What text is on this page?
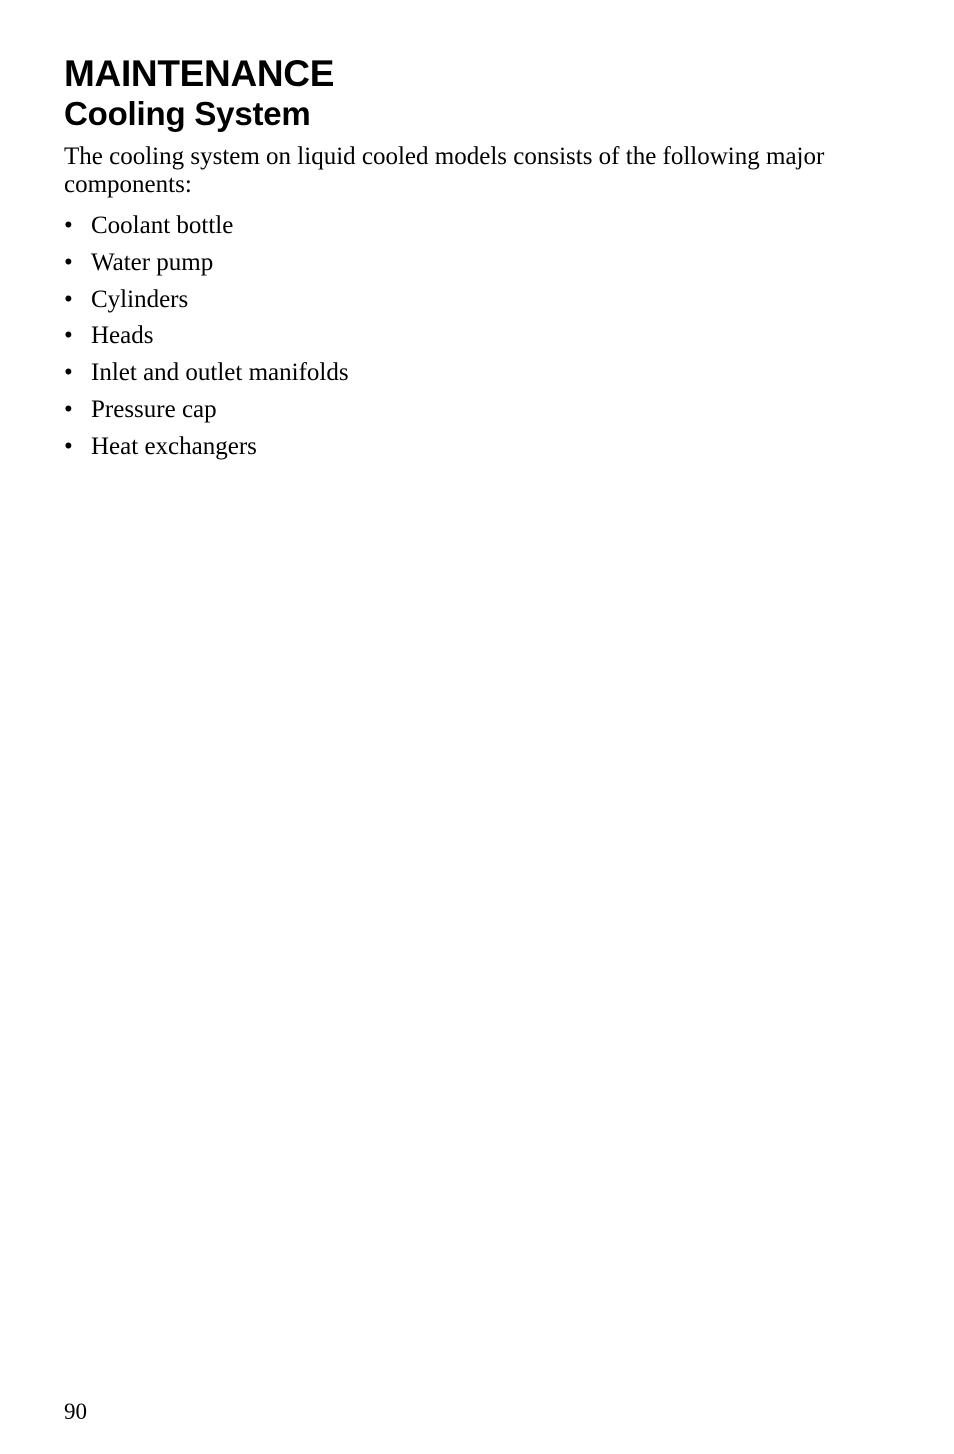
MAINTENANCE
Cooling System

The cooling system on liquid cooled models consists of the following major components:

• Coolant bottle
• Water pump
• Cylinders
• Heads
• Inlet and outlet manifolds
• Pressure cap
• Heat exchangers

90
